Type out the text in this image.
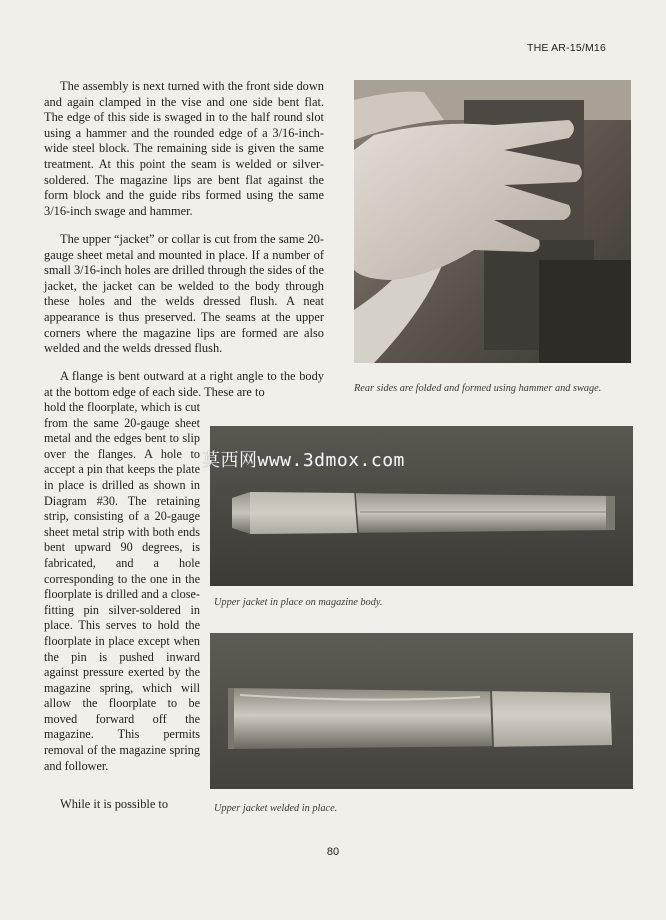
THE AR-15/M16

The assembly is next turned with the front side down and again clamped in the vise and one side bent flat. The edge of this side is swaged in to the half round slot using a hammer and the rounded edge of a 3/16-inch-wide steel block. The remaining side is given the same treatment. At this point the seam is welded or silver-soldered. The magazine lips are bent flat against the form block and the guide ribs formed using the same 3/16-inch swage and hammer.

The upper “jacket” or collar is cut from the same 20-gauge sheet metal and mounted in place. If a number of small 3/16-inch holes are drilled through the sides of the jacket, the jacket can be welded to the body through these holes and the welds dressed flush. A neat appearance is thus preserved. The seams at the upper corners where the magazine lips are formed are also welded and the welds dressed flush.

A flange is bent outward at a right angle to the body at the bottom edge of each side. These are to

hold the floorplate, which is cut from the same 20-gauge sheet metal and the edges bent to slip over the flanges. A hole to accept a pin that keeps the plate in place is drilled as shown in Diagram #30. The retaining strip, consisting of a 20-gauge sheet metal strip with both ends bent upward 90 degrees, is fabricated, and a hole corresponding to the one in the floorplate is drilled and a close-fitting pin silver-soldered in place. This serves to hold the floorplate in place except when the pin is pushed inward against pressure exerted by the magazine spring, which will allow the floorplate to be moved forward off the magazine. This permits removal of the magazine spring and follower.

While it is possible to

Rear sides are folded and formed using hammer and swage.

Upper jacket in place on magazine body.

Upper jacket welded in place.

莫西网www.3dmox.com
80
